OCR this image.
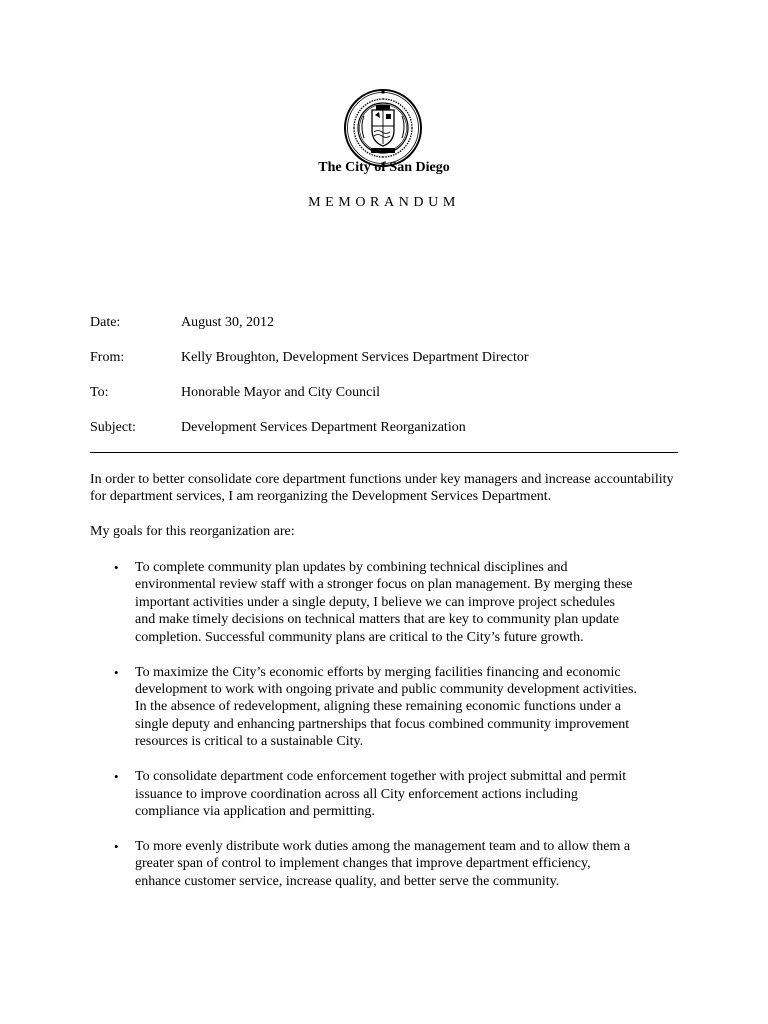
The City of San Diego
MEMORANDUM
Date:	August 30, 2012
From:	Kelly Broughton, Development Services Department Director
To:	Honorable Mayor and City Council
Subject:	Development Services Department Reorganization

In order to better consolidate core department functions under key managers and increase accountability for department services, I am reorganizing the Development Services Department.

My goals for this reorganization are:

• To complete community plan updates by combining technical disciplines and
environmental review staff with a stronger focus on plan management. By merging these
important activities under a single deputy, I believe we can improve project schedules
and make timely decisions on technical matters that are key to community plan update
completion. Successful community plans are critical to the City’s future growth.
• To maximize the City’s economic efforts by merging facilities financing and economic
development to work with ongoing private and public community development activities.
In the absence of redevelopment, aligning these remaining economic functions under a
single deputy and enhancing partnerships that focus combined community improvement
resources is critical to a sustainable City.
• To consolidate department code enforcement together with project submittal and permit
issuance to improve coordination across all City enforcement actions including
compliance via application and permitting.
• To more evenly distribute work duties among the management team and to allow them a
greater span of control to implement changes that improve department efficiency,
enhance customer service, increase quality, and better serve the community.
